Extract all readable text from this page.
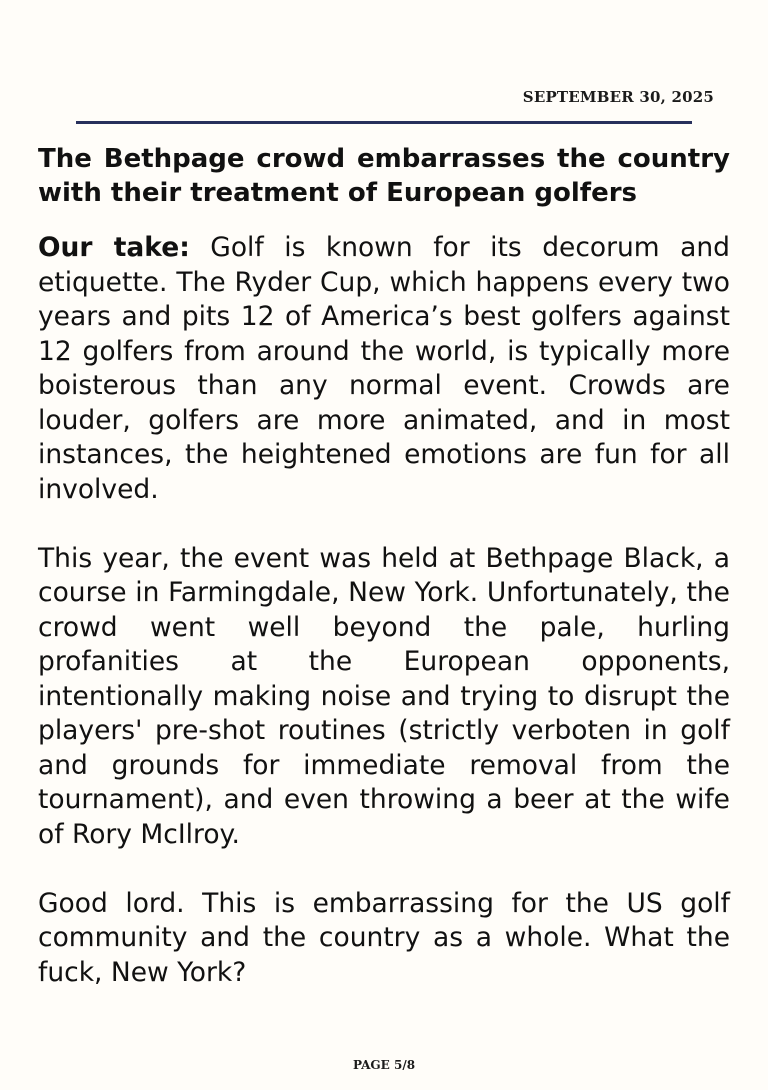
SEPTEMBER 30, 2025
The Bethpage crowd embarrasses the country with their treatment of European golfers

Our take: Golf is known for its decorum and etiquette. The Ryder Cup, which happens every two years and pits 12 of America’s best golfers against 12 golfers from around the world, is typically more boisterous than any normal event. Crowds are louder, golfers are more animated, and in most instances, the heightened emotions are fun for all involved.

This year, the event was held at Bethpage Black, a course in Farmingdale, New York. Unfortunately, the crowd went well beyond the pale, hurling profanities at the European opponents, intentionally making noise and trying to disrupt the players' pre-shot routines (strictly verboten in golf and grounds for immediate removal from the tournament), and even throwing a beer at the wife of Rory McIlroy.

Good lord. This is embarrassing for the US golf community and the country as a whole. What the fuck, New York?

PAGE 5/8
